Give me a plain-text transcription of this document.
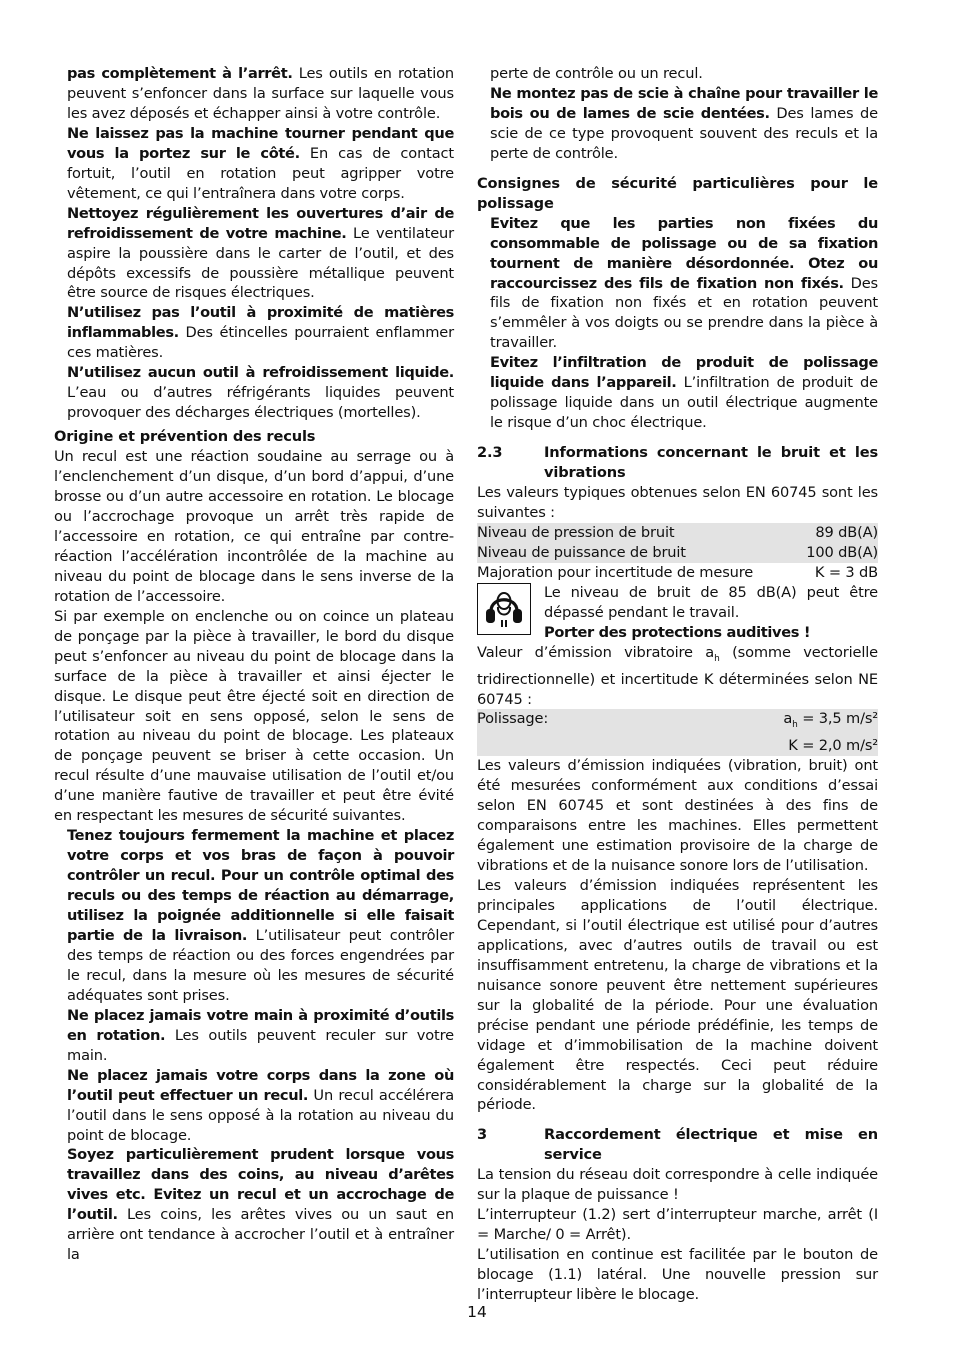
pas complètement à l’arrêt. Les outils en rotation peuvent s’enfoncer dans la surface sur laquelle vous les avez déposés et échapper ainsi à votre contrôle.

Ne laissez pas la machine tourner pendant que vous la portez sur le côté. En cas de contact fortuit, l’outil en rotation peut agripper votre vêtement, ce qui l’entraînera dans votre corps.

Nettoyez régulièrement les ouvertures d’air de refroidissement de votre machine. Le ventilateur aspire la poussière dans le carter de l’outil, et des dépôts excessifs de poussière métallique peuvent être source de risques électriques.

N’utilisez pas l’outil à proximité de matières inflammables. Des étincelles pourraient enflammer ces matières.

N’utilisez aucun outil à refroidissement liquide. L’eau ou d’autres réfrigérants liquides peuvent provoquer des décharges électriques (mortelles).

Origine et prévention des reculs

Un recul est une réaction soudaine au serrage ou à l’enclenchement d’un disque, d’un bord d’appui, d’une brosse ou d’un autre accessoire en rotation. Le blocage ou l’accrochage provoque un arrêt très rapide de l’accessoire en rotation, ce qui entraîne par contre-réaction l’accélération incontrôlée de la machine au niveau du point de blocage dans le sens inverse de la rotation de l’accessoire.

Si par exemple on enclenche ou on coince un plateau de ponçage par la pièce à travailler, le bord du disque peut s’enfoncer au niveau du point de blocage dans la surface de la pièce à travailler et ainsi éjecter le disque. Le disque peut être éjecté soit en direction de l’utilisateur soit en sens opposé, selon le sens de rotation au niveau du point de blocage. Les plateaux de ponçage peuvent se briser à cette occasion. Un recul résulte d’une mauvaise utilisation de l’outil et/ou d’une manière fautive de travailler et peut être évité en respectant les mesures de sécurité suivantes.

Tenez toujours fermement la machine et placez votre corps et vos bras de façon à pouvoir contrôler un recul. Pour un contrôle optimal des reculs ou des temps de réaction au démarrage, utilisez la poignée additionnelle si elle faisait partie de la livraison. L’utilisateur peut contrôler des temps de réaction ou des forces engendrées par le recul, dans la mesure où les mesures de sécurité adéquates sont prises.

Ne placez jamais votre main à proximité d’outils en rotation. Les outils peuvent reculer sur votre main.

Ne placez jamais votre corps dans la zone où l’outil peut effectuer un recul. Un recul accélérera l’outil dans le sens opposé à la rotation au niveau du point de blocage.

Soyez particulièrement prudent lorsque vous travaillez dans des coins, au niveau d’arêtes vives etc. Evitez un recul et un accrochage de l’outil. Les coins, les arêtes vives ou un saut en arrière ont tendance à accrocher l’outil et à entraîner la

perte de contrôle ou un recul.

Ne montez pas de scie à chaîne pour travailler le bois ou de lames de scie dentées. Des lames de scie de ce type provoquent souvent des reculs et la perte de contrôle.

Consignes de sécurité particulières pour le polissage

Evitez que les parties non fixées du consommable de polissage ou de sa fixation tournent de manière désordonnée. Otez ou raccourcissez des fils de fixation non fixés. Des fils de fixation non fixés et en rotation peuvent s’emmêler à vos doigts ou se prendre dans la pièce à travailler.

Evitez l’infiltration de produit de polissage liquide dans l’appareil. L’infiltration de produit de polissage liquide dans un outil électrique augmente le risque d’un choc électrique.

2.3	Informations concernant le bruit et les vibrations

Les valeurs typiques obtenues selon EN 60745 sont les suivantes :

Niveau de pression de bruit	89 dB(A)
Niveau de puissance de bruit	100 dB(A)
Majoration pour incertitude de mesure	K = 3 dB
Le niveau de bruit de 85 dB(A) peut être dépassé pendant le travail.
Porter des protections auditives !

Valeur d’émission vibratoire $a_h$ (somme vectorielle tridirectionnelle) et incertitude K déterminées selon NE 60745 :

Polissage:	$a_h = 3,5$ m/s²
K = 2,0 m/s²

Les valeurs d’émission indiquées (vibration, bruit) ont été mesurées conformément aux conditions d’essai selon EN 60745 et sont destinées à des fins de comparaisons entre les machines. Elles permettent également une estimation provisoire de la charge de vibrations et de la nuisance sonore lors de l’utilisation.

Les valeurs d’émission indiquées représentent les principales applications de l’outil électrique. Cependant, si l’outil électrique est utilisé pour d’autres applications, avec d’autres outils de travail ou est insuffisamment entretenu, la charge de vibrations et la nuisance sonore peuvent être nettement supérieures sur la globalité de la période. Pour une évaluation précise pendant une période prédéfinie, les temps de vidage et d’immobilisation de la machine doivent également être respectés. Ceci peut réduire considérablement la charge sur la globalité de la période.

3	Raccordement électrique et mise en service

La tension du réseau doit correspondre à celle indiquée sur la plaque de puissance !

L’interrupteur (1.2) sert d’interrupteur marche, arrêt (I = Marche/ 0 = Arrêt).

L’utilisation en continue est facilitée par le bouton de blocage (1.1) latéral. Une nouvelle pression sur l’interrupteur libère le blocage.

14
